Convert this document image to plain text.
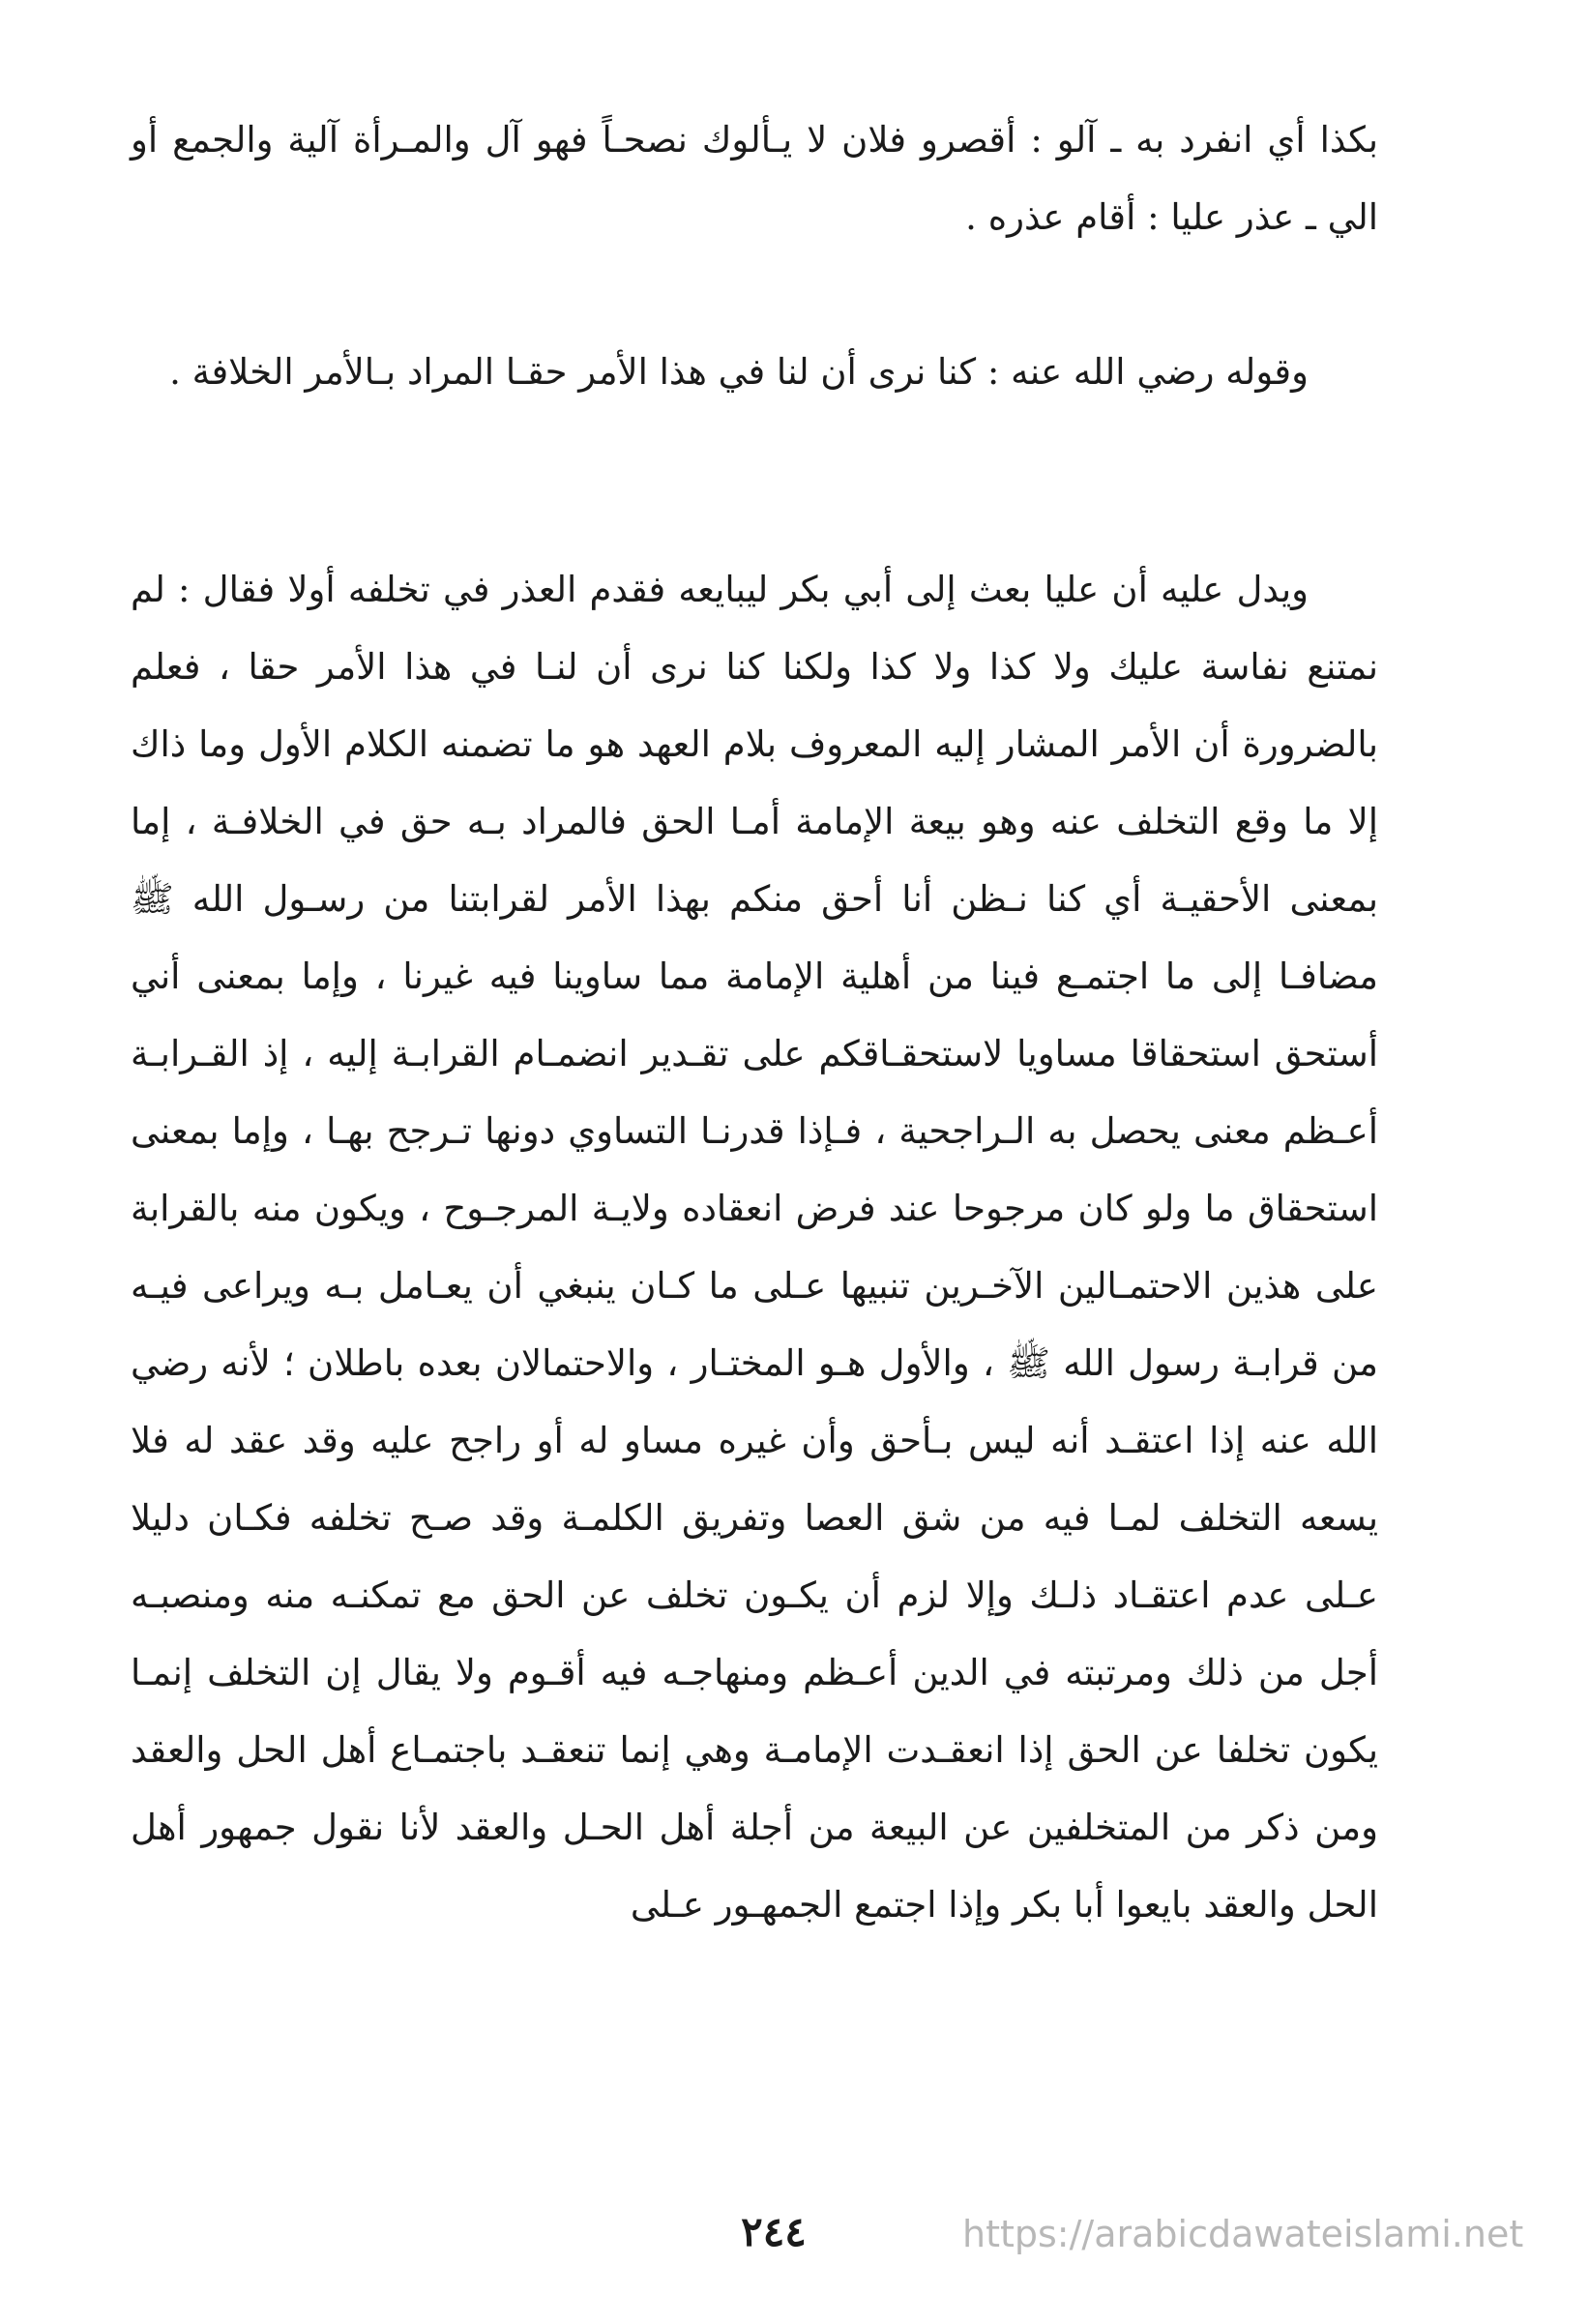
بكذا أي انفرد به ـ آلو : أقصرو فلان لا يـألوك نصحـاً فهو آل والمـرأة آلية والجمع أو الي ـ عذر عليا : أقام عذره .

وقوله رضي الله عنه : كنا نرى أن لنا في هذا الأمر حقـا المراد بـالأمر الخلافة .

ويدل عليه أن عليا بعث إلى أبي بكر ليبايعه فقدم العذر في تخلفه أولا فقال : لم نمتنع نفاسة عليك ولا كذا ولا كذا ولكنا كنا نرى أن لنـا في هذا الأمر حقا ، فعلم بالضرورة أن الأمر المشار إليه المعروف بلام العهد هو ما تضمنه الكلام الأول وما ذاك إلا ما وقع التخلف عنه وهو بيعة الإمامة أمـا الحق فالمراد بـه حق في الخلافـة ، إما بمعنى الأحقيـة أي كنا نـظن أنا أحق منكم بهذا الأمر لقرابتنا من رسـول الله ﷺ مضافـا إلى ما اجتمـع فينا من أهلية الإمامة مما ساوينا فيه غيرنا ، وإما بمعنى أني أستحق استحقاقا مساويا لاستحقـاقكم على تقـدير انضمـام القرابـة إليه ، إذ القـرابـة أعـظم معنى يحصل به الـراجحية ، فـإذا قدرنـا التساوي دونها تـرجح بهـا ، وإما بمعنى استحقاق ما ولو كان مرجوحا عند فرض انعقاده ولايـة المرجـوح ، ويكون منه بالقرابة على هذين الاحتمـالين الآخـرين تنبيها عـلى ما كـان ينبغي أن يعـامل بـه ويراعى فيـه من قرابـة رسول الله ﷺ ، والأول هـو المختـار ، والاحتمالان بعده باطلان ؛ لأنه رضي الله عنه إذا اعتقـد أنه ليس بـأحق وأن غيره مساو له أو راجح عليه وقد عقد له فلا يسعه التخلف لمـا فيه من شق العصا وتفريق الكلمـة وقد صـح تخلفه فكـان دليلا عـلى عدم اعتقـاد ذلـك وإلا لزم أن يكـون تخلف عن الحق مع تمكنـه منه ومنصبـه أجل من ذلك ومرتبته في الدين أعـظم ومنهاجـه فيه أقـوم ولا يقال إن التخلف إنمـا يكون تخلفا عن الحق إذا انعقـدت الإمامـة وهي إنما تنعقـد باجتمـاع أهل الحل والعقد ومن ذكر من المتخلفين عن البيعة من أجلة أهل الحـل والعقد لأنا نقول جمهور أهل الحل والعقد بايعوا أبا بكر وإذا اجتمع الجمهـور عـلى

٢٤٤	https://arabicdawateislami.net
